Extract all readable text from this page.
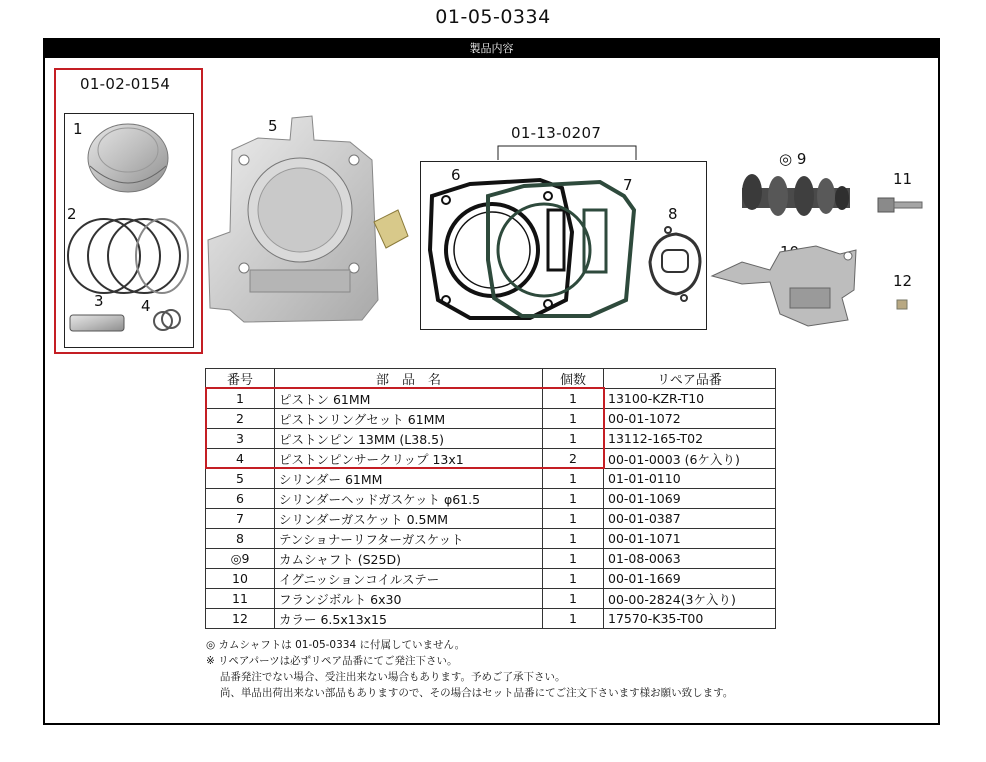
01-05-0334
製品内容
01-02-0154
01-13-0207
1
2
3 4
5
6
7
8
◎ 9
11
12
番号	部　品　名	個数	リペア品番
1	ピストン 61MM	1	13100-KZR-T10
2	ピストンリングセット 61MM	1	00-01-1072
3	ピストンピン 13MM (L38.5)	1	13112-165-T02
4	ピストンピンサークリップ 13x1	2	00-01-0003 (6ケ入り)
5	シリンダー 61MM	1	01-01-0110
6	シリンダーヘッドガスケット φ61.5	1	00-01-1069
7	シリンダーガスケット 0.5MM	1	00-01-0387
8	テンショナーリフターガスケット	1	00-01-1071
◎9	カムシャフト (S25D)	1	01-08-0063
10	イグニッションコイルステー	1	00-01-1669
11	フランジボルト 6x30	1	00-00-2824(3ケ入り)
12	カラー 6.5x13x15	1	17570-K35-T00
◎ カムシャフトは 01-05-0334 に付属していません。
※ リペアパーツは必ずリペア品番にてご発注下さい。
　 品番発注でない場合、受注出来ない場合もあります。予めご了承下さい。
　 尚、単品出荷出来ない部品もありますので、その場合はセット品番にてご注文下さいます様お願い致します。
